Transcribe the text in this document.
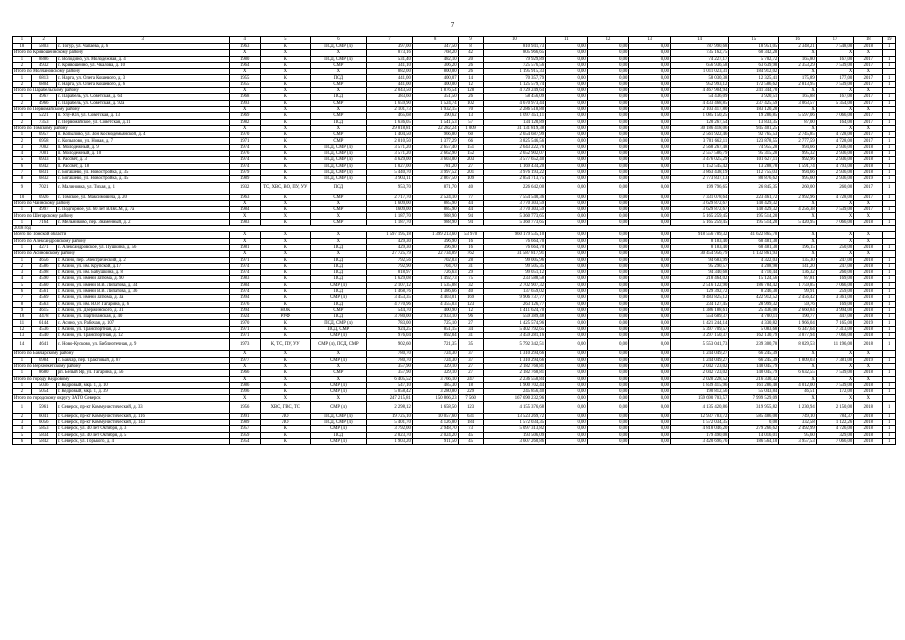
7
1	2	3	4	5	6	7	8	9	10	11	12	13	14	15	16	17	18	19
18	5803	с. Тогур, ул. Чапаева, д. 6	1963	К	ПСД, СМР (л)	397,00	347,50	8	810 941,73	0,00	0,00	0,00	787 990,68	18 951,05	2 348,21	7 548,00	2018	1
Итого по Кривошеинскому району			X	X	X	873,16	768,20	42	805 966,65	0,00	0,00	0,00	735 162,75	60 342,28	X	X	X	
1	8886	с. Володино, ул. Молодежная, д. 4	1980	К	ПСД, СМР (л)	531,40	482,10	20	79 929,89	0,00	0,00	0,00	74 227,17	5 702,72	165,80	167,00	2017	1
2	4932	с. Кривошеино, ул. Чкалова, д. 10	1964	К	СМР	341,10	306,20	26	725 576,56	0,00	0,00	0,00	656 936,58	63 639,98	2 353,29	7 539,00	2017	1
Итого по Молчановскому району			X	X	X	882,00	800,00	26	1 195 915,33	0,00	0,00	0,00	1 011 023,31	184 912,02	X	X	X	
1	6813	с. Нарга, ул. Олега Кошевого, д. 3	1955	К	ПСД	441,00	400,07	14	70 357,79	0,00	0,00	0,00	58 030,38	12 325,41	175,89	177,00	2017	1
2	6804	с. Нарга, ул. Олега Кошевого, д. 6	1955	К	СМР	441,00	400,00	12	1 125 579,74	0,00	0,00	0,00	952 993,12	172 586,62	2 813,95	7 539,00	2017	1
Итого по Парабельскому району			X	X	X	2 043,50	1 876,54	128	4 729 249,64	0,00	0,00	0,00	4 467 904,94	241 344,70	X	X	X	
1	4967	с. Парабель, ул. Советская, д. 64	1968	К	ПСД	383,60	351,50	26	58 456,09	0,00	0,00	0,00	54 436,09	3 920,51	165,88	167,00	2017	1
2	4966	с. Парабель, ул. Советская, д. 92а	1993	К	СМР	1 659,90	1 524,74	102	4 670 973,44	0,00	0,00	0,00	4 433 468,85	237 425,59	3 063,57	5 354,00	2017	1
Итого по Первомайскому району			X	X	X	2 101,73	1 932,15	70	2 286 518,80	0,00	0,00	0,00	2 103 417,80	183 120,20	X	X	X	
1	5221	п. Улу-Юл, ул. Советская, д. 13	1969	К	СМР	465,68	390,62	13	1 097 451,11	0,00	0,00	0,00	1 085 150,25	19 286,85	5 597,06	7 066,00	2017	1
2	7353	с. Первомайское, ул. Советская, д.11	1982	К	ПСД	1 636,05	1 541,53	57	134 120,89	0,00	0,00	0,00	120 267,54	13 833,35	87,00	164,00	2017	1
Итого по Томскому району			X	X	X	29 818,81	22 282,24	1 009	31 131 819,38	0,00	0,00	0,00	30 186 418,06	945 401,25	X	X	X	
1	6957	п. Копылово, ул. Зон Космодемьянской, д. 4	1970	К	СМР	1 404,50	966,80	60	2 654 687,99	0,00	0,00	0,00	2 561 922,46	92 765,53	2 745,85	4 728,00	2017	1
2	6958	с. Копылово, ул. Новая, д. 7	1971	К	СМР	2 010,50	1 377,29	66	3 825 546,56	0,00	0,00	0,00	3 701 662,11	123 878,55	2 777,59	4 728,00	2017	1
3	7002	п. Молодежный, д. 9	1974	К	ПСД, СМР (л)	3 571,20	2 657,40	151	2 643 222,76	0,00	0,00	0,00	2 568 267,48	74 955,28	994,66	2 936,00	2018	1
4	7001	п. Молодежный, д. 10	1976	К	ПСД, СМР (л)	3 571,20	2 662,90	152	2 652 902,07	0,00	0,00	0,00	2 557 586,79	95 315,28	995,32	2 936,00	2018	1
5	6933	п. Рассвет, д. 3	1974	К	ПСД, СМР (л)	4 629,00	3 603,00	203	3 577 652,40	0,00	0,00	0,00	3 476 025,29	101 627,11	992,96	2 936,00	2018	1
6	6942	п. Рассвет, д. 18	1974	К	ПСД, СМР (л)	1 027,00	781,20	27	1 169 434,20	0,00	0,00	0,00	1 152 545,42	13 288,78	1 591,74	4 793,00	2018	1
7	6831	с. Богашево, ул. Новостройка, д. 35	1979	К	ПСД, СМР (л)	5 440,70	3 997,52	201	3 976 193,22	0,00	0,00	0,00	3 863 438,19	112 755,03	994,66	2 936,00	2018	1
8	6832	с. Богашево, ул. Новостройка, д. 45	1989	К	ПСД, СМР (л)	3 903,11	2 867,50	109	2 854 713,75	0,00	0,00	0,00	2 773 837,13	80 876,62	995,60	2 936,00	2019	1
9	7021	с. Малиновка, ул. Тихая, д. 1	1932	ТС, ХВС, ВО, ПУ, УУ	ПСД	953,70	871,70	40	226 642,00	0,00	0,00	0,00	199 796,65	26 845,35	260,00	260,00	2017	1
10	6926	с. Томское, ул. Максимовича, д. 20	1963	К	СМР	2 717,70	2 524,10	77	7 554 540,36	0,00	0,00	0,00	7 331 078,64	223 461,72	2 992,96	4 728,00	2017	1
Итого по Чаинскому району			X	X	X	1 609,00	885,90	44	3 770 303,59	0,00	0,00	0,00	3 629 872,67	140 429,32	X	X	X	
1	4997	с. Подгорное, ул. 60 лет ВЛКСМ, д. 7а	1984	К	СМР	1609,00	885,90	44	3 770 303,59	0,00	0,00	0,00	3 629 872,67	140 429,32	4 256,38	7 539,00	2017	1
Итого по Шегарскому району			X	X	X	1 187,70	988,90	94	5 360 773,65	0,00	0,00	0,00	5 165 259,45	195 514,20	X	X	X	
1	7164	с. Мельниково, пер. Знаменный, д. 2	1983	К	СМР	1 187,70	988,90	94	5 360 773,65	0,00	0,00	0,00	5 165 259,45	195 514,20	5 420,95	7 066,00	2018	1
2018 год																		
Всего по Томской области			X	X	X	1 597 195,18	1 399 213,60	53 970	960 179 535,10	0,00	0,00	0,00	918 556 789,32	41 622 865,78	X	X	X	
Итого по Александровскому району			X	X	X	429,30	396,90	16	76 664,70	0,00	0,00	0,00	8 183,40	68 481,30	X	X	X	
1	4271	с. Александровское, ул. Пушкина, д. 56	1981	К	ПСД	429,30	396,90	16	76 664,70	0,00	0,00	0,00	8 183,40	68 481,30	196,15	250,00	2018	1
Итого по Асиновскому району			X	X	X	27 725,79	22 734,89	762	31 587 817,91	0,00	0,00	0,00	30 454 956,79	1 132 861,93	X	X	X	
1	4656	г. Асино, пер. Электрический, д. 2	1971	К	ПСД	792,56	702,03	28	99 005,96	0,00	0,00	0,00	94 683,99	4 322,03	135,30	247,00	2018	1
2	4586	г. Асино, ул. им. Крупской, д.17	1974	К	ПСД	792,90	704,70	31	99 505,35	0,00	0,00	0,00	95 290,57	4 208,98	141,20	247,00	2018	1
3	4598	г. Асино, ул. им. Бабушкина, д. 8	1974	К	ПСД	818,97	726,63	29	99 051,12	0,00	0,00	0,00	94 340,68	4 710,44	136,32	260,00	2018	1
4	4590	г. Асино, ул. имени Затюма, д. 90	1983	К	ПСД	1 629,08	1 492,73	75	233 588,58	0,00	0,00	0,00	218 464,02	15 124,56	87,81	169,00	2018	1
5	4560	г. Асино, ул. имени В.В. Липатова, д. 34	1984	К	СМР (л)	2 107,12	1 535,88	32	2 702 907,32	0,00	0,00	0,00	2 516 122,90	186 784,42	1 759,85	7 066,00	2018	1
6	4561	г. Асино, ул. имени В.В. Липатова, д. 36	1974	К	ПСД	1 468,76	1 386,66	40	137 659,02	0,00	0,00	0,00	129 392,72	8 246,30	99,91	259,00	2018	1
7	4569	г. Асино, ул. имени Затюма, д. 3а	1994	К	СМР (л)	3 453,35	4 403,01	169	9 906 737,77	0,00	0,00	0,00	9 483 825,12	422 912,52	2 456,42	3 361,00	2018	1
8	4563	г. Асино, ул. им. Ю.Р. Гагарина, д. 6	1976	К	ПСД	4 770,96	4 355,03	123	263 126,77	0,00	0,00	0,00	234 127,45	28 999,32	59,76	169,00	2018	1
9	4615	г. Асино, ул. Дзержинского, д. 31	1994	НОК	СМР	544,70	400,90	12	1 411 624,70	0,00	0,00	0,00	1 386 188,61	25 436,00	2 660,84	3 994,00	2018	1
10	4478	г. Асино, ул. Партизанская, д. 40	1924	РУФ	ПСД	3 780,00	2 933,10	96	559 389,48	0,00	0,00	0,00	554 689,37	4 700,11	190,77	447,00	2018	1
11	6144	с. Асино, ул. Рабочая, д. 107	1970	К	ПСД, СМР (л)	783,00	725,10	27	1 425 574,96	0,00	0,00	0,00	1 421 244,14	4 330,82	1 966,04	7 165,00	2019	1
12	4536	г. Асино, ул. Транспортная, д. 2	1971	К	ПСД, СМР	924,25	851,15	34	5 402 792,65	0,00	0,00	0,00	5 397 709,57	5 083,68	6 347,64	7 313,00	2018	1
13	4540	г. Асино, ул. Транспортная, д. 12	1971	К	СМР (л)	976,04	892,04	31	3 459 281,16	0,00	0,00	0,00	3 297 150,37	162 130,79	3 877,94	7 066,00	2018	1
14	4641	с. Ново-Кусково, ул. Библиотечная, д. 9	1973	К, ТС, ПУ, УУ	СМР (л), ПСД, СМР	902,60	721,35	35	5 792 342,51	0,00	0,00	0,00	5 553 041,73	239 300,78	8 029,53	11 196,00	2018	1
Итого по Бакчарскому району			X	X	X	780,70	724,30	37	1 310 294,66	0,00	0,00	0,00	1 244 049,27	66 245,39	X	X	X	
1	6984	с. Бакчар, пер. Трактовый, д. 8?	1977	К	СМР (л)	780,70	724,30	37	1 310 294,66	0,00	0,00	0,00	1 244 049,27	66 245,39	1 809,03	7 381,00	2019	1
Итого по Верхнекетскому району			X	X	X	357,90	329,10	27	2 182 768,81	0,00	0,00	0,00	2 042 723,02	140 045,79	X	X	X	
1	8680	рп. Белый Яр, ул. Гагарина, д. 56	1966	К	СМР	357,90	329,10	27	2 182 768,81	0,00	0,00	0,00	2 042 723,02	140 045,79	6 632,55	7 539,00	2018	1
Итого по городу Кедровому			X	X	X	6 405,52	3 766,10	247	2 236 558,84	0,00	0,00	0,00	2 020 228,52	216 330,32	X	X	X	
1	5036	г. Кедровый, мкр. 1, д. 10	1986	К	СМР (л)	547,10	485,30	18	1 900 702,44	0,00	0,00	0,00	1 839 415,96	161 286,48	4 012,00	7 539,00	2018	1
2	5054	г. Кедровый, мкр. 1, д. 39	1996	К	СМР (л)	5 858,42	3 280,80	229	245 856,40	0,00	0,00	0,00	190 812,56	55 043,84	46,51	172,00	2018	1
Итого по городскому округу ЗАТО Северск			X	X	X	247 215,81	150 866,23	7 560	167 690 232,96	0,00	0,00	0,00	159 690 703,57	7 999 529,09	X	X	X	
1	5961	г. Северск, пр-кт Коммунистический, д. 33	1956	ХВС, ГВС, ТС	СМР (л)	2 298,12	1 658,50	123	4 155 376,68	0,00	0,00	0,00	4 135 420,86	319 955,82	1 230,94	2 150,00	2018	1
2	6041	г. Северск, пр-кт Коммунистический, д. 116	1991	ЛО	ПСД, СМР (л)	19 725,10	10 057,60	631	13 523 269,72	0,00	0,00	0,00	12 937 783,72	585 486,00	749,10	784,37	2018	1
3	6056	г. Северск, пр-кт Коммунистический, д. 143	1989	ЛО	ПСД, СМР (л)	5 401,70	4 126,80	184	1 572 034,35	0,00	0,00	0,00	1 572 034,35	0,00	332,58	1 122,26	2018	1
4	5853	г. Северск, ул. 40 лет Октября, д. 3	1957	К	СМР (л)	3 792,00	2 948,70	73	5 097 313,82	0,00	0,00	0,00	4 818 046,20	279 266,62	2 492,99	4 726,00	2018	1
5	5834	г. Северск, ул. 40 лет Октября, д. 5	1959	К	ПСД	2 823,70	2 024,20	45	193 506,09	0,00	0,00	0,00	179 490,08	14 016,01	95,60	329,00	2018	1
6	5842	г. Северск, ул. Горького, д. 4	1954	К	СМР (л)	1 903,20	911,50	45	3 607 260,86	0,00	0,00	0,00	3 420 696,76	186 564,10	3 957,53	7 066,00	2018	1
